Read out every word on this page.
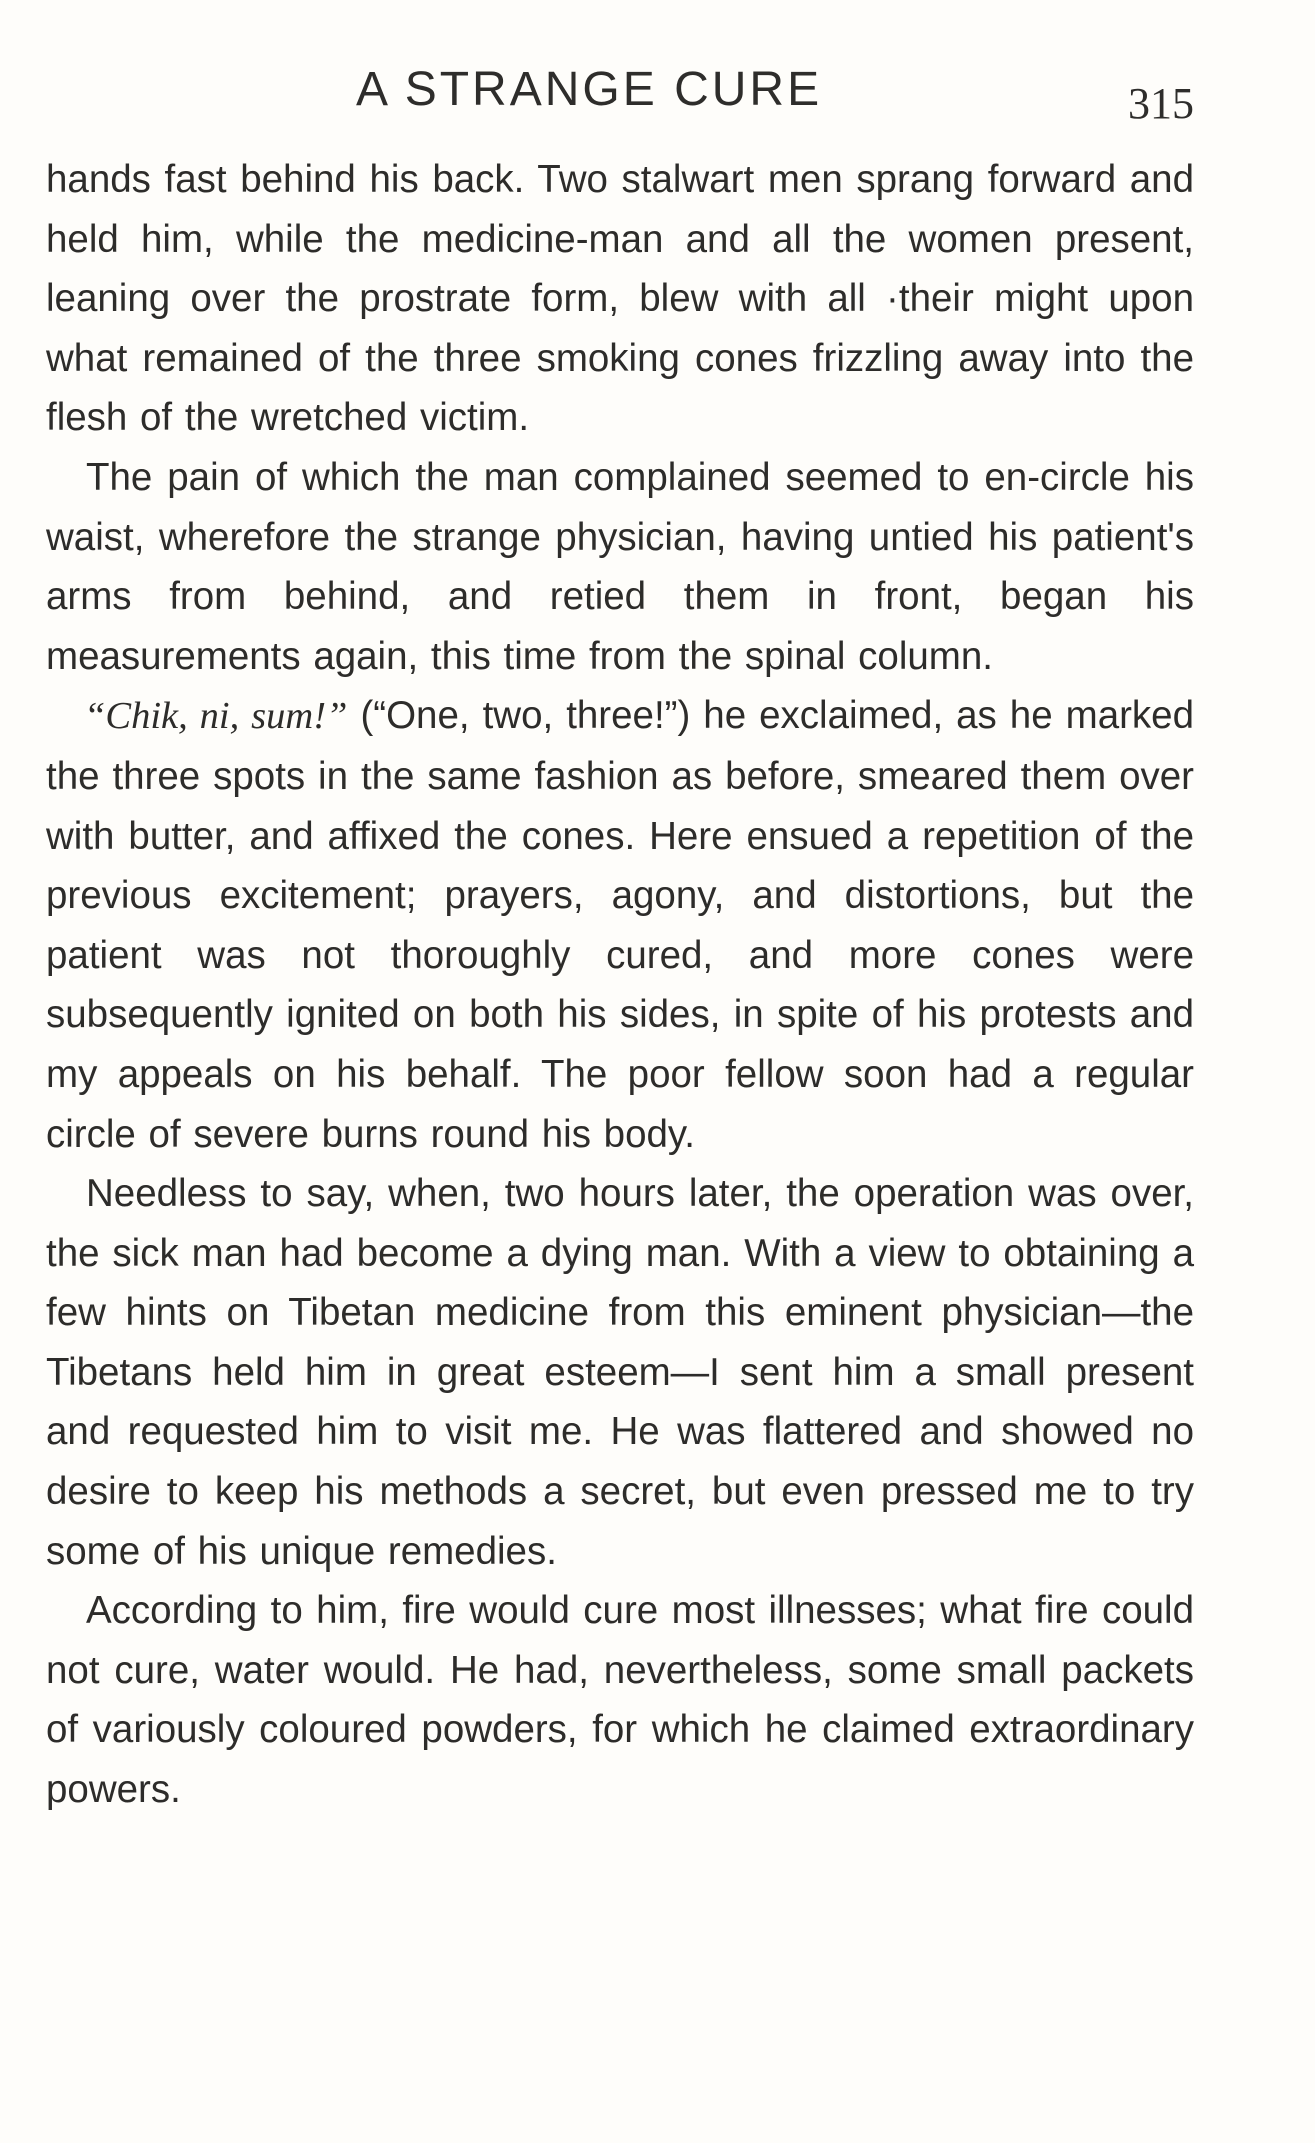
A STRANGE CURE	315

hands fast behind his back. Two stalwart men sprang forward and held him, while the medicine-man and all the women present, leaning over the prostrate form, blew with all ·their might upon what remained of the three smoking cones frizzling away into the flesh of the wretched victim.

The pain of which the man complained seemed to en-circle his waist, wherefore the strange physician, having untied his patient's arms from behind, and retied them in front, began his measurements again, this time from the spinal column.

“Chik, ni, sum!” (“One, two, three!”) he exclaimed, as he marked the three spots in the same fashion as before, smeared them over with butter, and affixed the cones. Here ensued a repetition of the previous excitement; prayers, agony, and distortions, but the patient was not thoroughly cured, and more cones were subsequently ignited on both his sides, in spite of his protests and my appeals on his behalf. The poor fellow soon had a regular circle of severe burns round his body.

Needless to say, when, two hours later, the operation was over, the sick man had become a dying man. With a view to obtaining a few hints on Tibetan medicine from this eminent physician—the Tibetans held him in great esteem—I sent him a small present and requested him to visit me. He was flattered and showed no desire to keep his methods a secret, but even pressed me to try some of his unique remedies.

According to him, fire would cure most illnesses; what fire could not cure, water would. He had, nevertheless, some small packets of variously coloured powders, for which he claimed extraordinary powers.
